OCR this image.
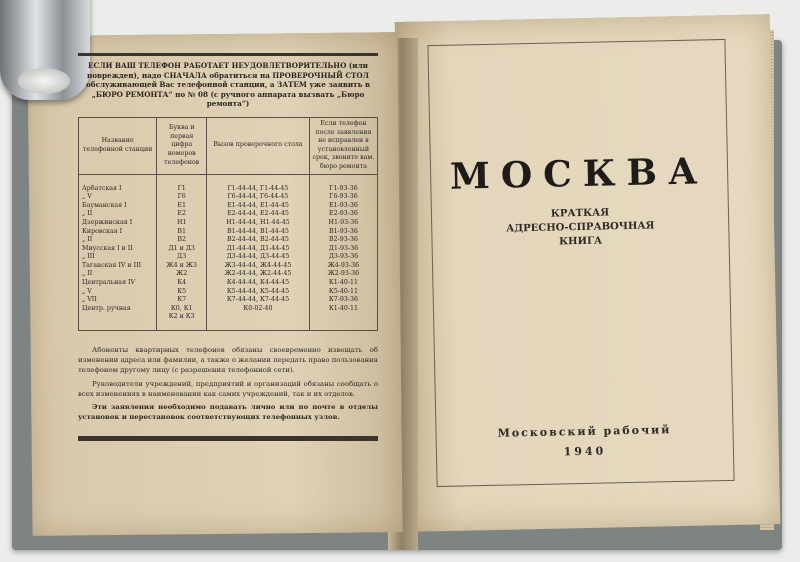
ЕСЛИ ВАШ ТЕЛЕФОН РАБОТАЕТ НЕУДОВЛЕТВОРИТЕЛЬНО (или поврежден), надо СНАЧАЛА обратиться на ПРОВЕРОЧНЫЙ СТОЛ обслуживающей Вас телефонной станции, а ЗАТЕМ уже заявить в „БЮРО РЕМОНТА“ по № 08 (с ручного аппарата вызвать „Бюро ремонта“)
Название телефонной станции	Буква и первая цифра номеров телефонов	Вызов проверочного стола	Если телефон после заявления не исправлен в установленный срок, звоните вам. бюро ремонта
Арбатская I	Г1	Г1-44-44, Г1-44-45	Г1-93-36
„ V	Г6	Г6-44-44, Г6-44-45	Г6-93-36
Бауманская I	Е1	Е1-44-44, Е1-44-45	Е1-93-36
„ II	Е2	Е2-44-44, Е2-44-45	Е2-93-36
Дзержинская I	Н1	Н1-44-44, Н1-44-45	Н1-93-36
Кировская I	В1	В1-44-44, В1-44-45	В1-93-36
„ II	В2	В2-44-44, В2-44-45	В2-93-36
Миусская I и II	Д1 и Д3	Д1-44-44, Д1-44-45	Д1-93-36
„ III	Д3	Д3-44-44, Д3-44-45	Д3-93-36
Таганская IV и III	Ж4 и Ж3	Ж3-44-44, Ж4-44-45	Ж4-93-36
„ II	Ж2	Ж2-44-44, Ж2-44-45	Ж2-93-36
Центральная IV	К4	К4-44-44, К4-44-45	К1-40-11
„ V	К5	К5-44-44, К5-44-45	К5-40-11
„ VII	К7	К7-44-44, К7-44-45	К7-93-36
Центр. ручная	К0, К1	К0-02-40	К1-40-11
	К2 и К3		
Абоненты квартирных телефонов обязаны своевременно извещать об изменении адреса или фамилии, а также о желании передать право пользования телефоном другому лицу (с разрешения телефонной сети).
Руководители учреждений, предприятий и организаций обязаны сообщать о всех изменениях в наименовании как самих учреждений, так и их отделов.
Эти заявления необходимо подавать лично или по почте в отделы установок и перестановок соответствующих телефонных узлов.
МОСКВА
КРАТКАЯ
АДРЕСНО-СПРАВОЧНАЯ
КНИГА
Московский рабочий
1940
